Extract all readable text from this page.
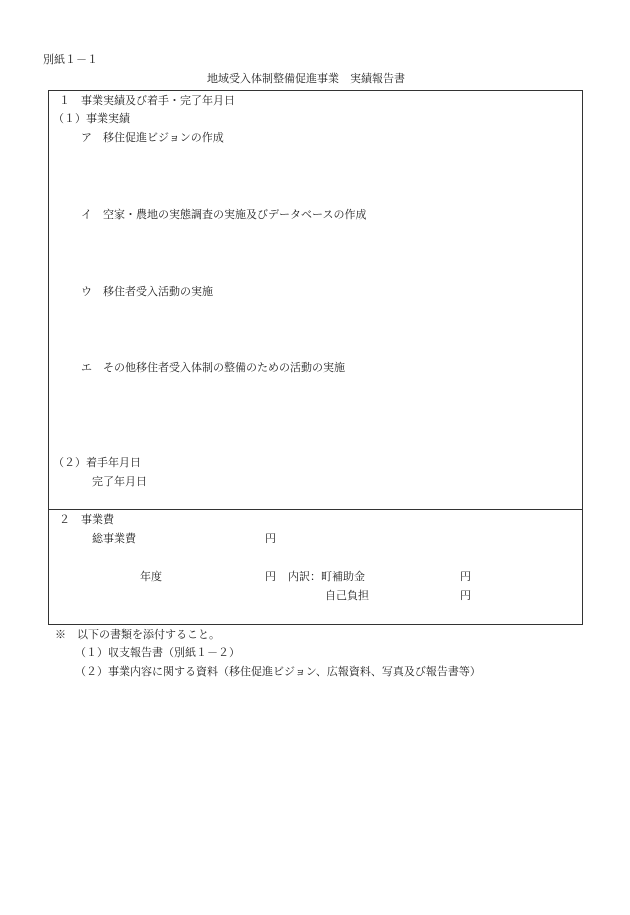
別紙１－１
地域受入体制整備促進事業　実績報告書
１　事業実績及び着手・完了年月日
（１）事業実績
ア　移住促進ビジョンの作成
イ　空家・農地の実態調査の実施及びデータベースの作成
ウ　移住者受入活動の実施
エ　その他移住者受入体制の整備のための活動の実施
（２）着手年月日
完了年月日
２　事業費
総事業費	円
年度	円 内訳：町補助金	円
自己負担	円
※　以下の書類を添付すること。
（１）収支報告書（別紙１－２）
（２）事業内容に関する資料（移住促進ビジョン、広報資料、写真及び報告書等）
